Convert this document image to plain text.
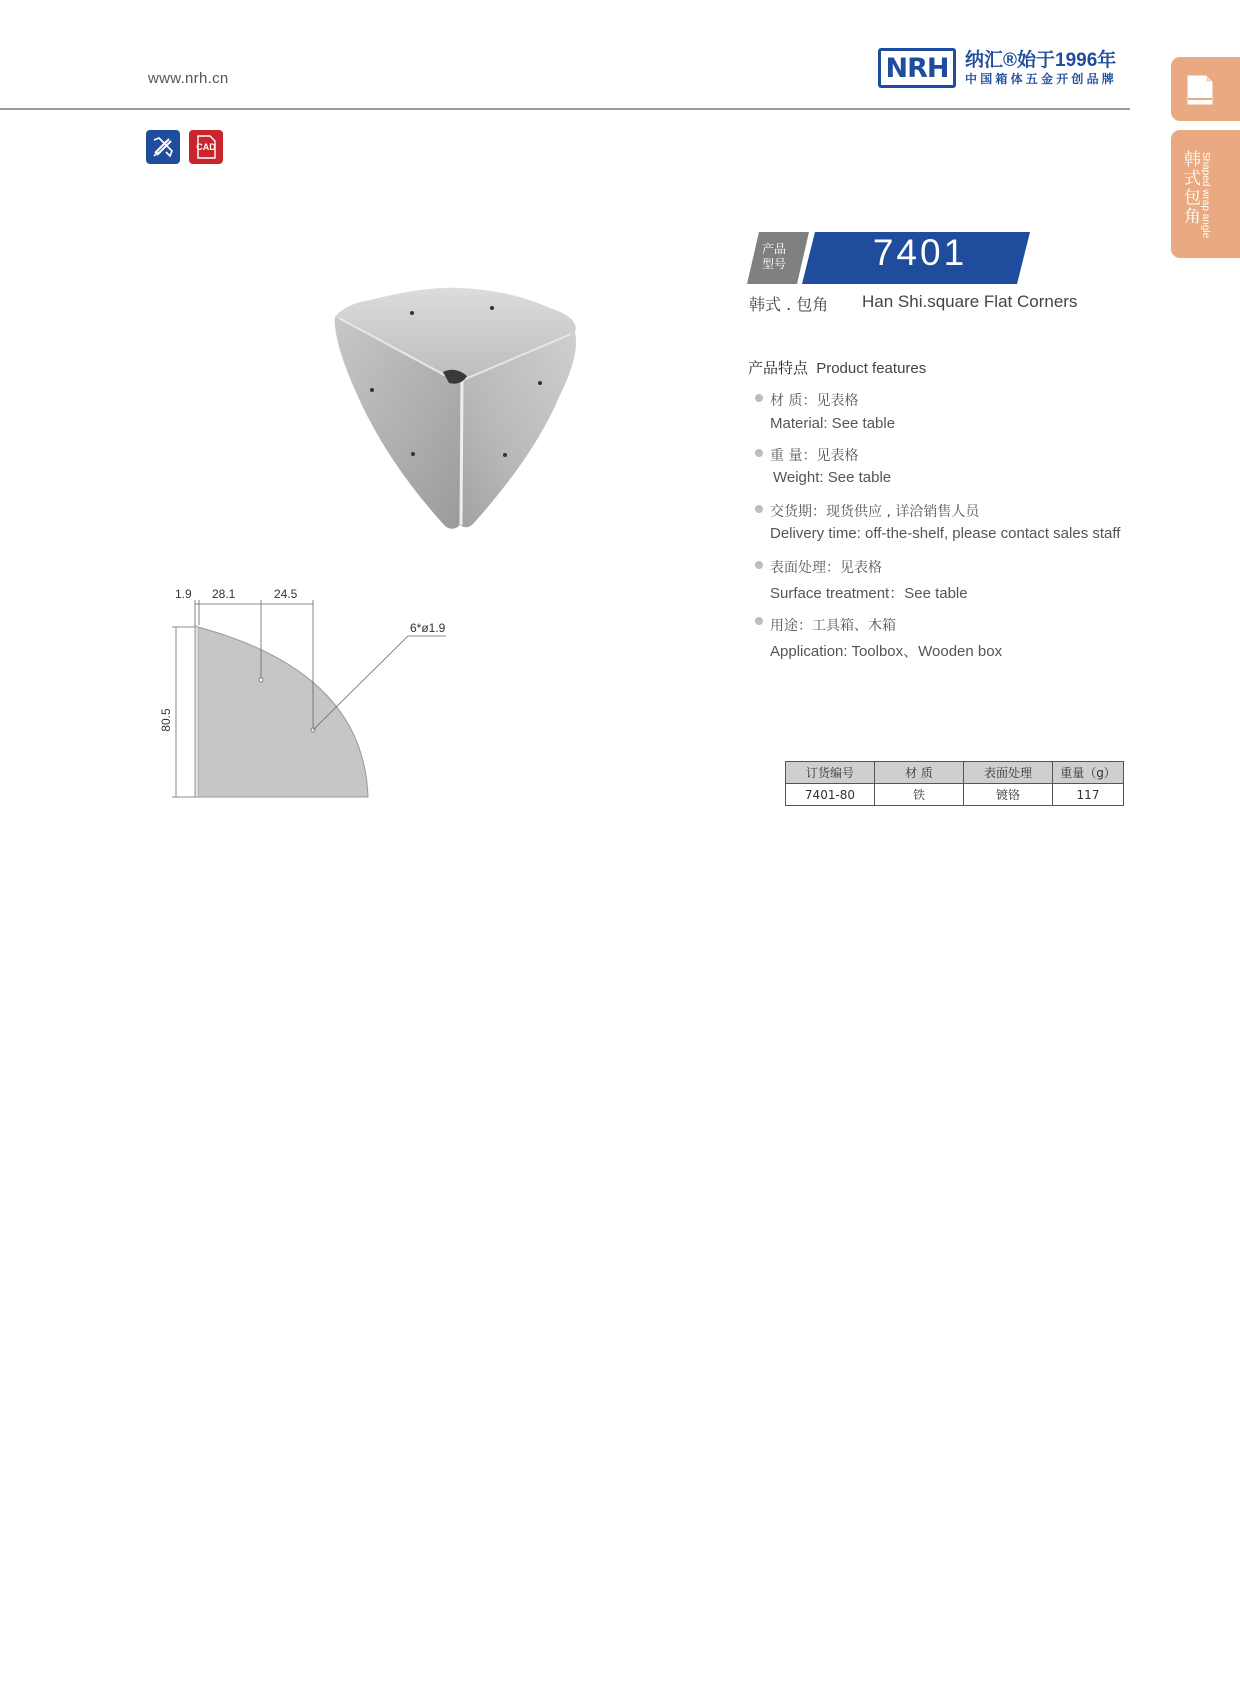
www.nrh.cn	NRH 纳汇®始于1996年
中国箱体五金开创品牌
韩式包角 Shaped wrap angle
CAD
1.9 28.1	24.5
6*ø1.9
80.5
产品
型号	7401
韩式 . 包角 Han Shi.square Flat Corners
产品特点 Product features
材 质：见表格
Material: See table
重 量：见表格
Weight: See table
交货期：现货供应 , 详洽销售人员
Delivery time: off-the-shelf, please contact sales staff
表面处理：见表格
Surface treatment：See table
用途：工具箱、木箱
Application: Toolbox、Wooden box
订货编号	材 质	表面处理	重量（g）
7401-80	铁	镀铬	117
